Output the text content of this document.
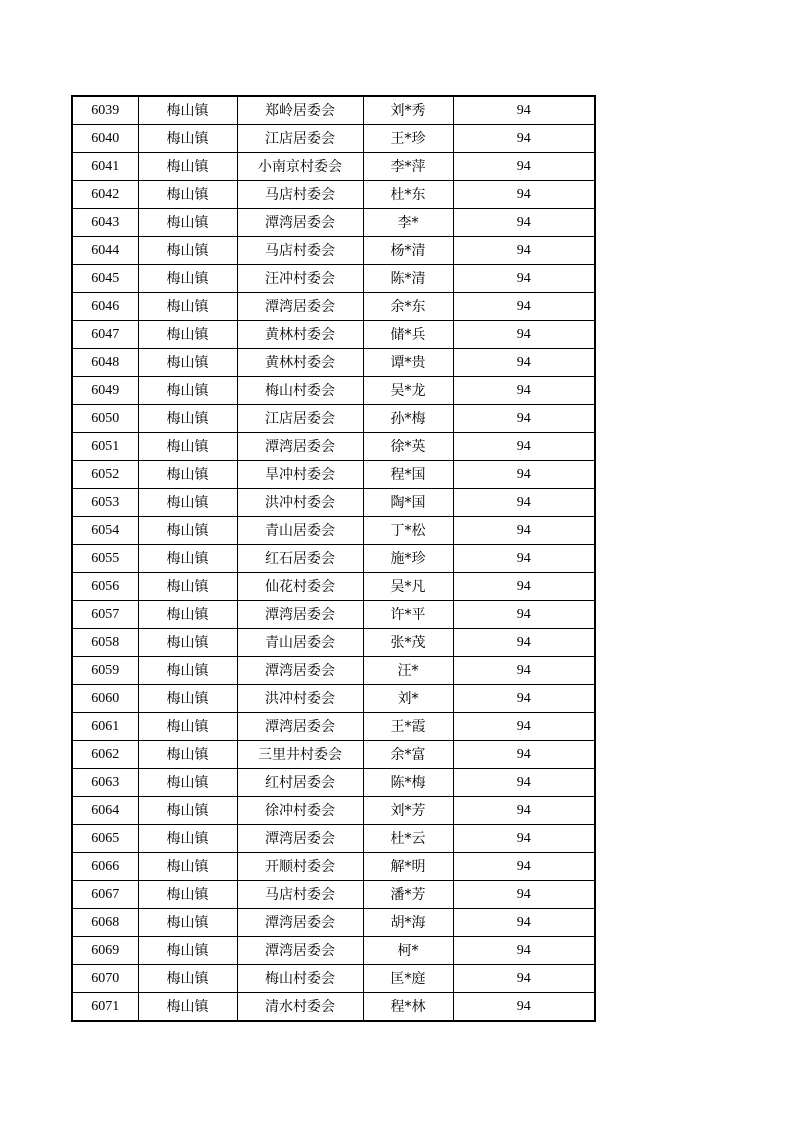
6039	梅山镇	郑岭居委会	刘*秀	94
6040	梅山镇	江店居委会	王*珍	94
6041	梅山镇	小南京村委会	李*萍	94
6042	梅山镇	马店村委会	杜*东	94
6043	梅山镇	潭湾居委会	李*	94
6044	梅山镇	马店村委会	杨*清	94
6045	梅山镇	汪冲村委会	陈*清	94
6046	梅山镇	潭湾居委会	余*东	94
6047	梅山镇	黄林村委会	储*兵	94
6048	梅山镇	黄林村委会	谭*贵	94
6049	梅山镇	梅山村委会	吴*龙	94
6050	梅山镇	江店居委会	孙*梅	94
6051	梅山镇	潭湾居委会	徐*英	94
6052	梅山镇	旱冲村委会	程*国	94
6053	梅山镇	洪冲村委会	陶*国	94
6054	梅山镇	青山居委会	丁*松	94
6055	梅山镇	红石居委会	施*珍	94
6056	梅山镇	仙花村委会	吴*凡	94
6057	梅山镇	潭湾居委会	许*平	94
6058	梅山镇	青山居委会	张*茂	94
6059	梅山镇	潭湾居委会	汪*	94
6060	梅山镇	洪冲村委会	刘*	94
6061	梅山镇	潭湾居委会	王*霞	94
6062	梅山镇	三里井村委会	余*富	94
6063	梅山镇	红村居委会	陈*梅	94
6064	梅山镇	徐冲村委会	刘*芳	94
6065	梅山镇	潭湾居委会	杜*云	94
6066	梅山镇	开顺村委会	解*明	94
6067	梅山镇	马店村委会	潘*芳	94
6068	梅山镇	潭湾居委会	胡*海	94
6069	梅山镇	潭湾居委会	柯*	94
6070	梅山镇	梅山村委会	匡*庭	94
6071	梅山镇	清水村委会	程*林	94
